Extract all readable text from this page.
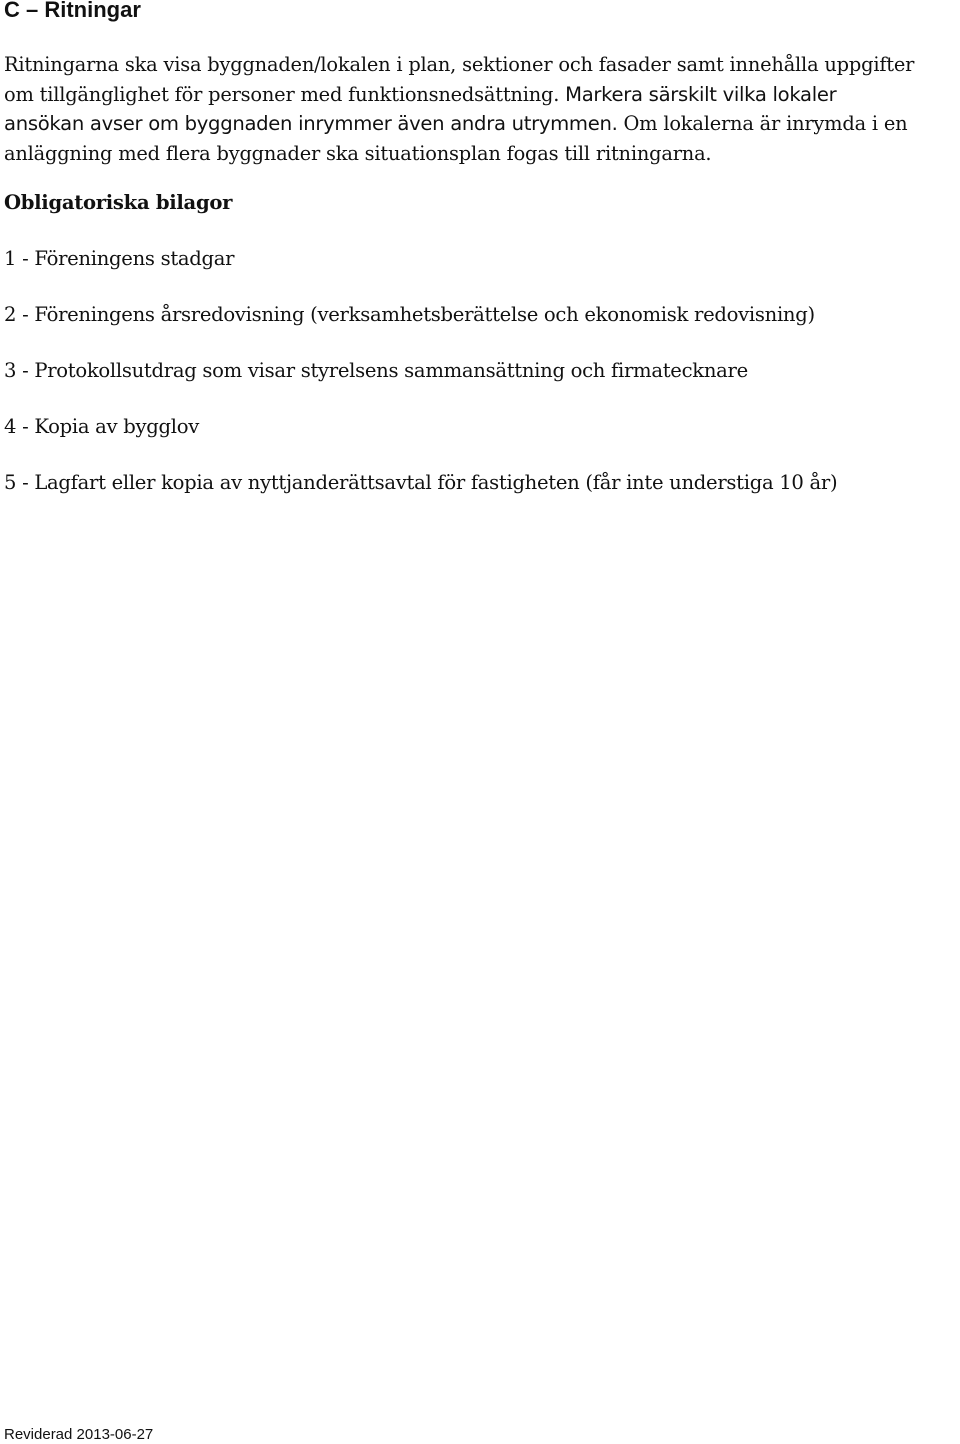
C – Ritningar

Ritningarna ska visa byggnaden/lokalen i plan, sektioner och fasader samt innehålla uppgifter
om tillgänglighet för personer med funktionsnedsättning. Markera särskilt vilka lokaler
ansökan avser om byggnaden inrymmer även andra utrymmen. Om lokalerna är inrymda i en
anläggning med flera byggnader ska situationsplan fogas till ritningarna.

Obligatoriska bilagor
1 - Föreningens stadgar
2 - Föreningens årsredovisning (verksamhetsberättelse och ekonomisk redovisning)
3 - Protokollsutdrag som visar styrelsens sammansättning och firmatecknare
4 - Kopia av bygglov
5 - Lagfart eller kopia av nyttjanderättsavtal för fastigheten (får inte understiga 10 år)

Reviderad 2013-06-27
